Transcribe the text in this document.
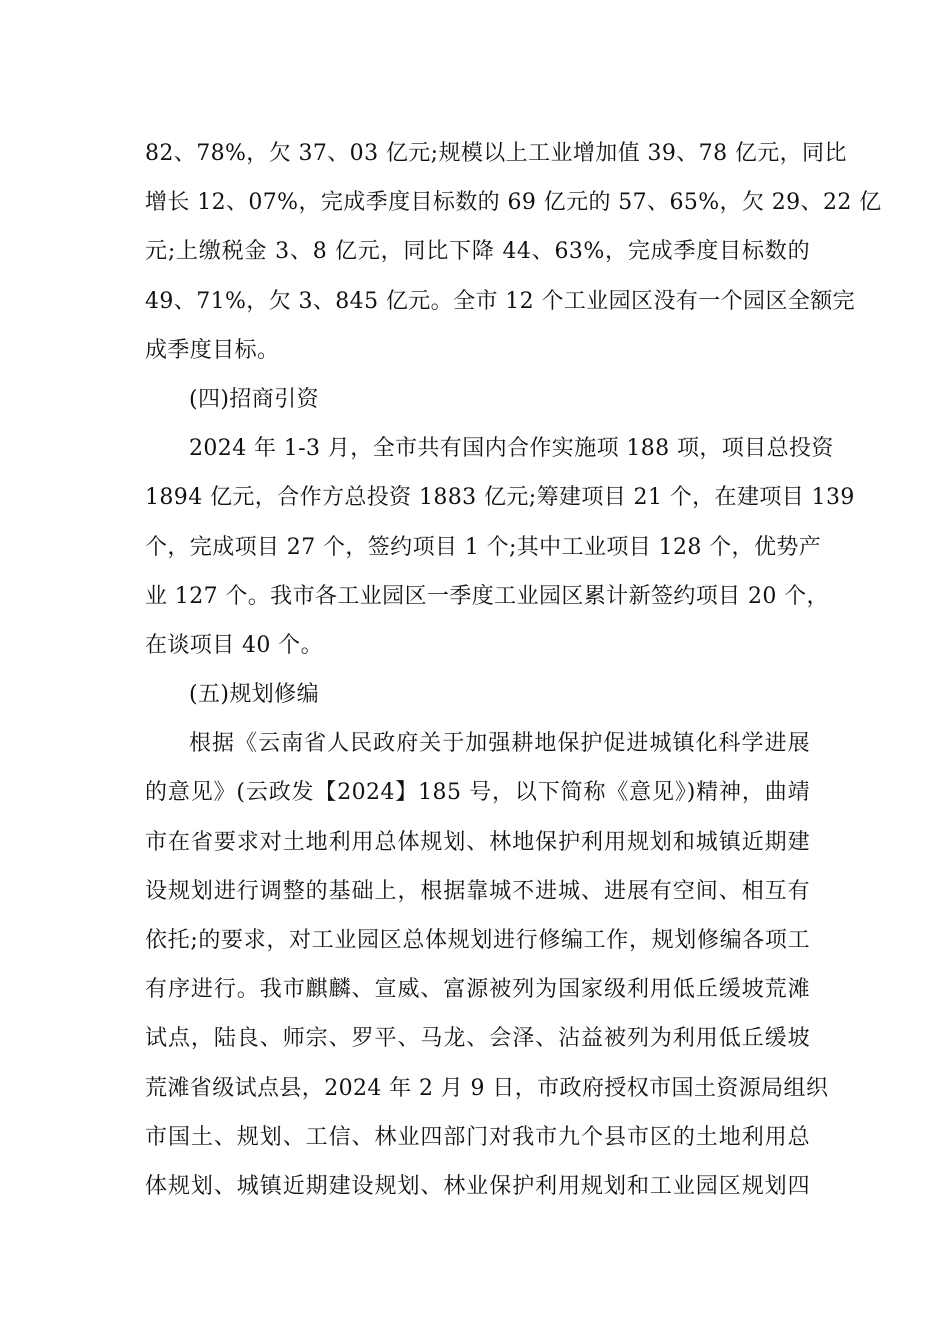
82、78%，欠 37、03 亿元;规模以上工业增加值 39、78 亿元，同比
增长 12、07%，完成季度目标数的 69 亿元的 57、65%，欠 29、22 亿
元;上缴税金 3、8 亿元，同比下降 44、63%，完成季度目标数的
49、71%，欠 3、845 亿元。全市 12 个工业园区没有一个园区全额完
成季度目标。
(四)招商引资
2024 年 1-3 月，全市共有国内合作实施项 188 项，项目总投资
1894 亿元，合作方总投资 1883 亿元;筹建项目 21 个，在建项目 139
个，完成项目 27 个，签约项目 1 个;其中工业项目 128 个，优势产
业 127 个。我市各工业园区一季度工业园区累计新签约项目 20 个，
在谈项目 40 个。
(五)规划修编
根据《云南省人民政府关于加强耕地保护促进城镇化科学进展
的意见》(云政发【2024】185 号，以下简称《意见》)精神，曲靖
市在省要求对土地利用总体规划、林地保护利用规划和城镇近期建
设规划进行调整的基础上，根据靠城不进城、进展有空间、相互有
依托;的要求，对工业园区总体规划进行修编工作，规划修编各项工
有序进行。我市麒麟、宣威、富源被列为国家级利用低丘缓坡荒滩
试点，陆良、师宗、罗平、马龙、会泽、沾益被列为利用低丘缓坡
荒滩省级试点县，2024 年 2 月 9 日，市政府授权市国土资源局组织
市国土、规划、工信、林业四部门对我市九个县市区的土地利用总
体规划、城镇近期建设规划、林业保护利用规划和工业园区规划四
